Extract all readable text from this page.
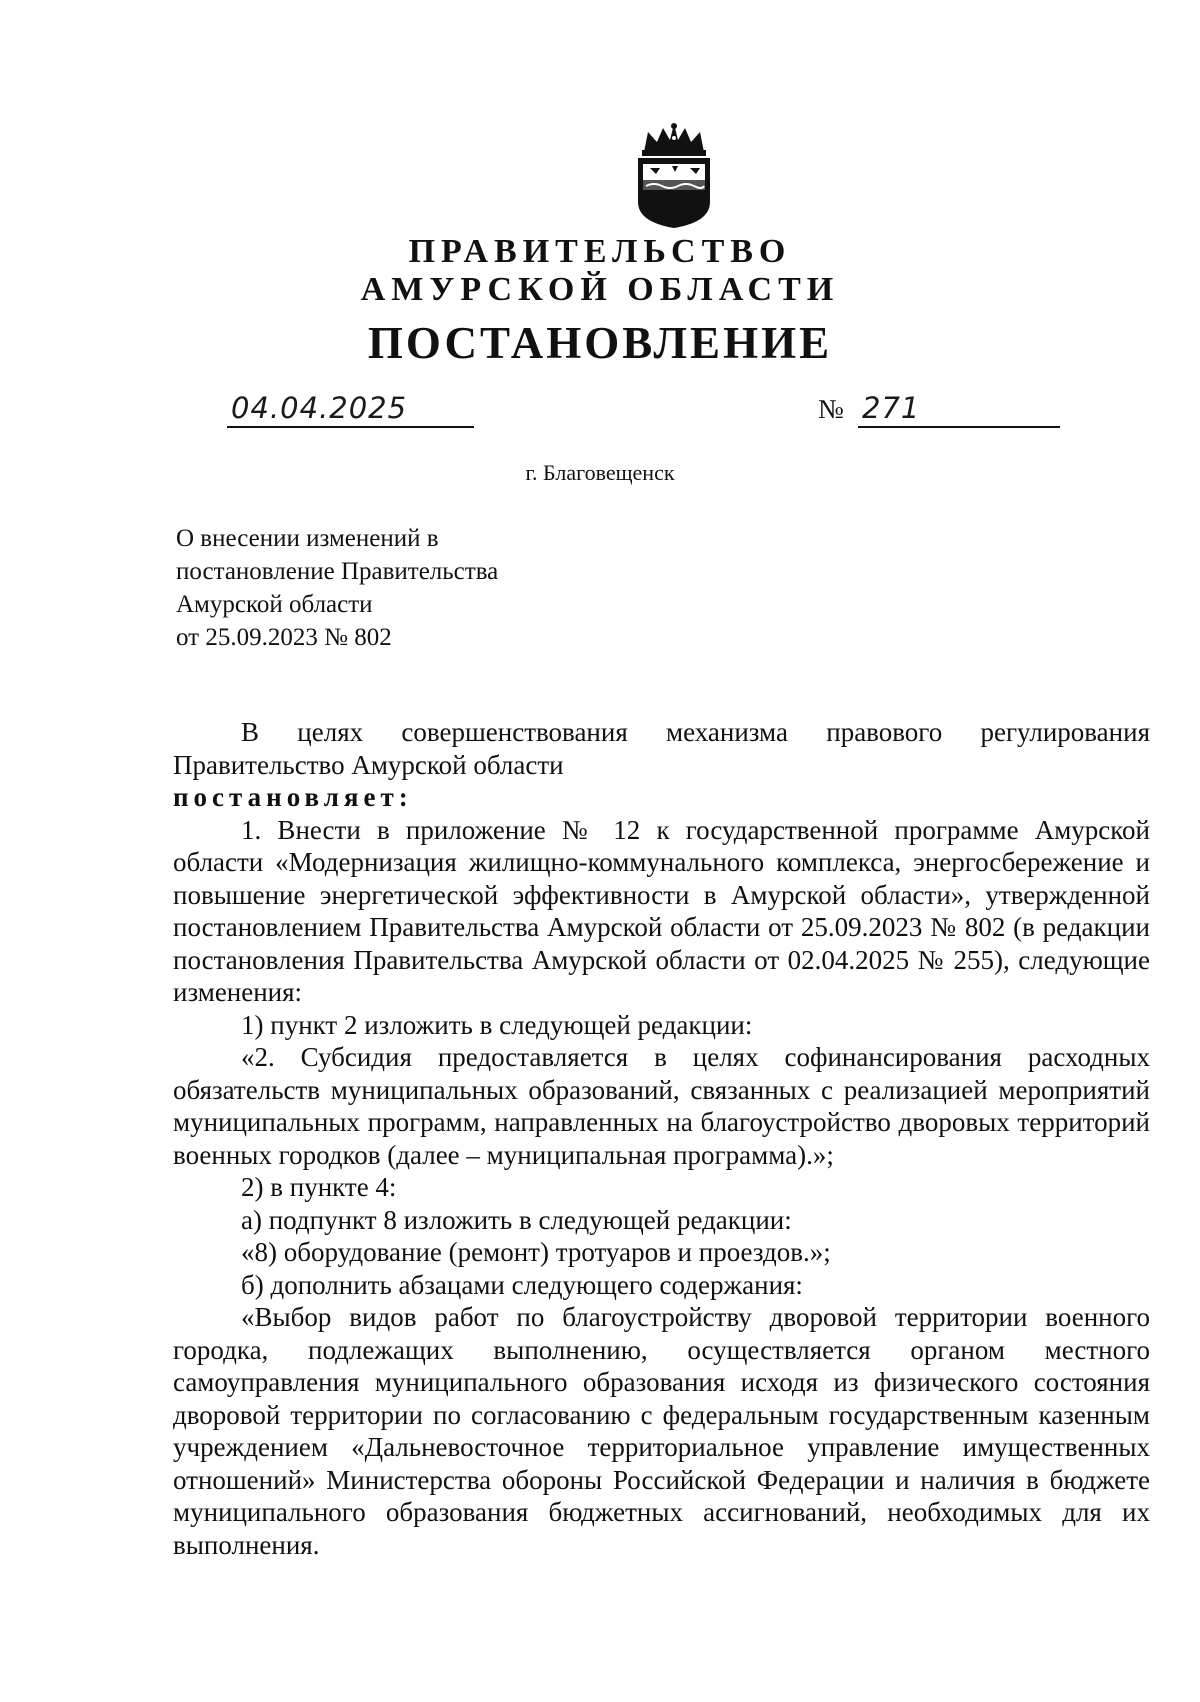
ПРАВИТЕЛЬСТВО
АМУРСКОЙ ОБЛАСТИ
ПОСТАНОВЛЕНИЕ
04.04.2025	№ 271
г. Благовещенск
О внесении изменений в
постановление Правительства
Амурской области
от 25.09.2023 № 802

В целях совершенствования механизма правового регулирования Правительство Амурской области

постановляет:

1. Внести в приложение № 12 к государственной программе Амурской области «Модернизация жилищно-коммунального комплекса, энергосбережение и повышение энергетической эффективности в Амурской области», утвержденной постановлением Правительства Амурской области от 25.09.2023 № 802 (в редакции постановления Правительства Амурской области от 02.04.2025 № 255), следующие изменения:

1) пункт 2 изложить в следующей редакции:

«2. Субсидия предоставляется в целях софинансирования расходных обязательств муниципальных образований, связанных с реализацией мероприятий муниципальных программ, направленных на благоустройство дворовых территорий военных городков (далее – муниципальная программа).»;

2) в пункте 4:

а) подпункт 8 изложить в следующей редакции:

«8) оборудование (ремонт) тротуаров и проездов.»;

б) дополнить абзацами следующего содержания:

«Выбор видов работ по благоустройству дворовой территории военного городка, подлежащих выполнению, осуществляется органом местного самоуправления муниципального образования исходя из физического состояния дворовой территории по согласованию с федеральным государственным казенным учреждением «Дальневосточное территориальное управление имущественных отношений» Министерства обороны Российской Федерации и наличия в бюджете муниципального образования бюджетных ассигнований, необходимых для их выполнения.
